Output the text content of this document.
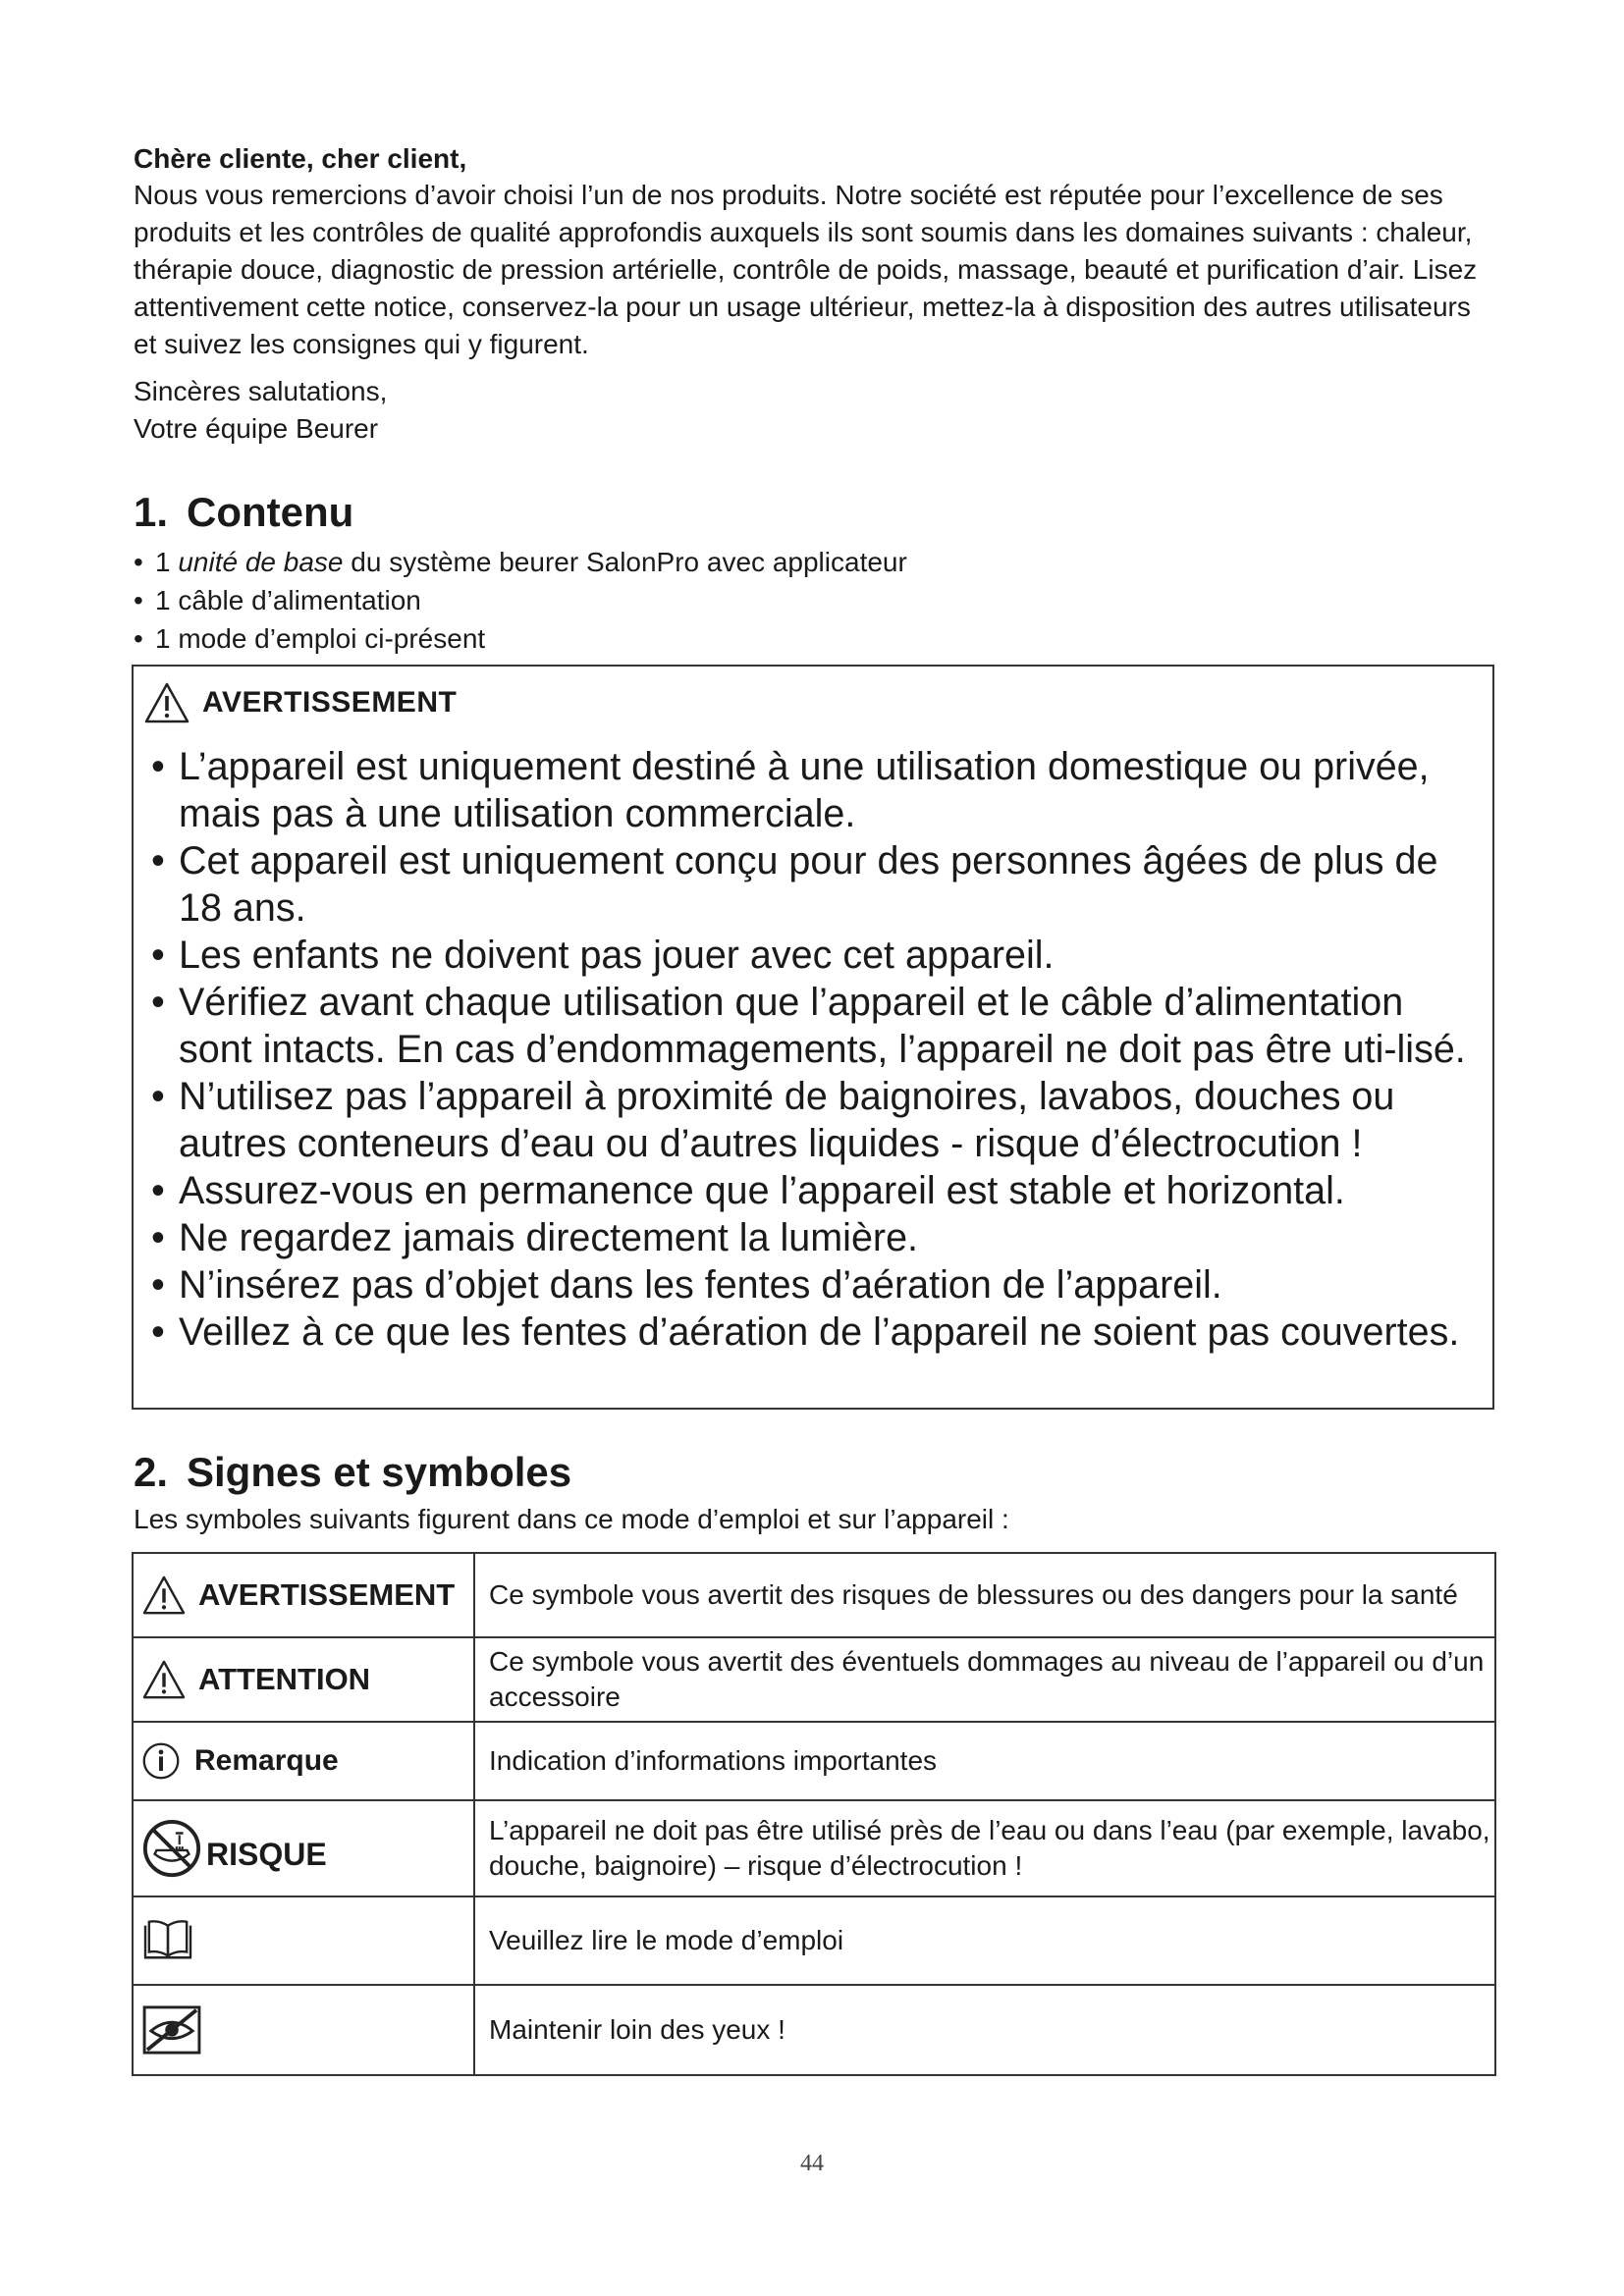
Chère cliente, cher client,
Nous vous remercions d’avoir choisi l’un de nos produits. Notre société est réputée pour l’excellence de ses produits et les contrôles de qualité approfondis auxquels ils sont soumis dans les domaines suivants : chaleur, thérapie douce, diagnostic de pression artérielle, contrôle de poids, massage, beauté et purification d’air. Lisez attentivement cette notice, conservez-la pour un usage ultérieur, mettez-la à disposition des autres utilisateurs et suivez les consignes qui y figurent.
Sincères salutations,
Votre équipe Beurer
1. Contenu
• 1 unité de base du système beurer SalonPro avec applicateur
• 1 câble d’alimentation
• 1 mode d’emploi ci-présent
AVERTISSEMENT
• L’appareil est uniquement destiné à une utilisation domestique ou privée, mais pas à une utilisation commerciale.
• Cet appareil est uniquement conçu pour des personnes âgées de plus de 18 ans.
• Les enfants ne doivent pas jouer avec cet appareil.
• Vérifiez avant chaque utilisation que l’appareil et le câble d’alimentation sont intacts. En cas d’endommagements, l’appareil ne doit pas être uti-lisé.
• N’utilisez pas l’appareil à proximité de baignoires, lavabos, douches ou autres conteneurs d’eau ou d’autres liquides - risque d’électrocution !
• Assurez-vous en permanence que l’appareil est stable et horizontal.
• Ne regardez jamais directement la lumière.
• N’insérez pas d’objet dans les fentes d’aération de l’appareil.
• Veillez à ce que les fentes d’aération de l’appareil ne soient pas couvertes.
2. Signes et symboles
Les symboles suivants figurent dans ce mode d’emploi et sur l’appareil :
AVERTISSEMENT	Ce symbole vous avertit des risques de blessures ou des dangers pour la santé

ATTENTION	Ce symbole vous avertit des éventuels dommages au niveau de l’appareil ou d’un accessoire

Remarque	Indication d’informations importantes

RISQUE	L’appareil ne doit pas être utilisé près de l’eau ou dans l’eau (par exemple, lavabo, douche, baignoire) – risque d’électrocution !

	Veuillez lire le mode d’emploi

	Maintenir loin des yeux !
44
